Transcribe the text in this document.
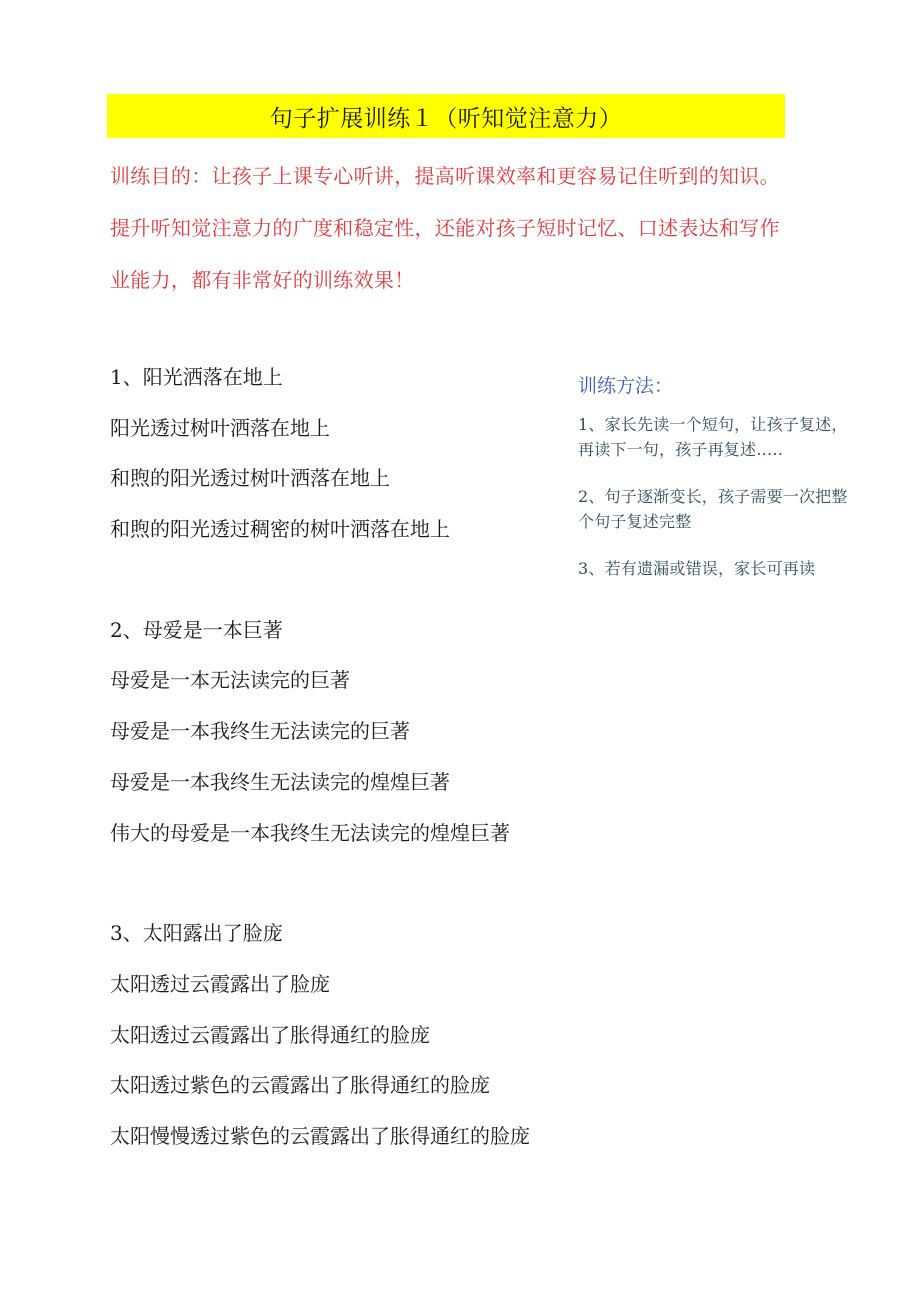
句子扩展训练１（听知觉注意力）

训练目的：让孩子上课专心听讲，提高听课效率和更容易记住听到的知识。提升听知觉注意力的广度和稳定性，还能对孩子短时记忆、口述表达和写作业能力，都有非常好的训练效果！

1、阳光洒落在地上
阳光透过树叶洒落在地上
和煦的阳光透过树叶洒落在地上
和煦的阳光透过稠密的树叶洒落在地上
2、母爱是一本巨著
母爱是一本无法读完的巨著
母爱是一本我终生无法读完的巨著
母爱是一本我终生无法读完的煌煌巨著
伟大的母爱是一本我终生无法读完的煌煌巨著
3、太阳露出了脸庞
太阳透过云霞露出了脸庞
太阳透过云霞露出了胀得通红的脸庞
太阳透过紫色的云霞露出了胀得通红的脸庞
太阳慢慢透过紫色的云霞露出了胀得通红的脸庞
训练方法：
1、家长先读一个短句，让孩子复述，再读下一句，孩子再复述…‥
2、句子逐渐变长，孩子需要一次把整个句子复述完整
3、若有遗漏或错误，家长可再读
